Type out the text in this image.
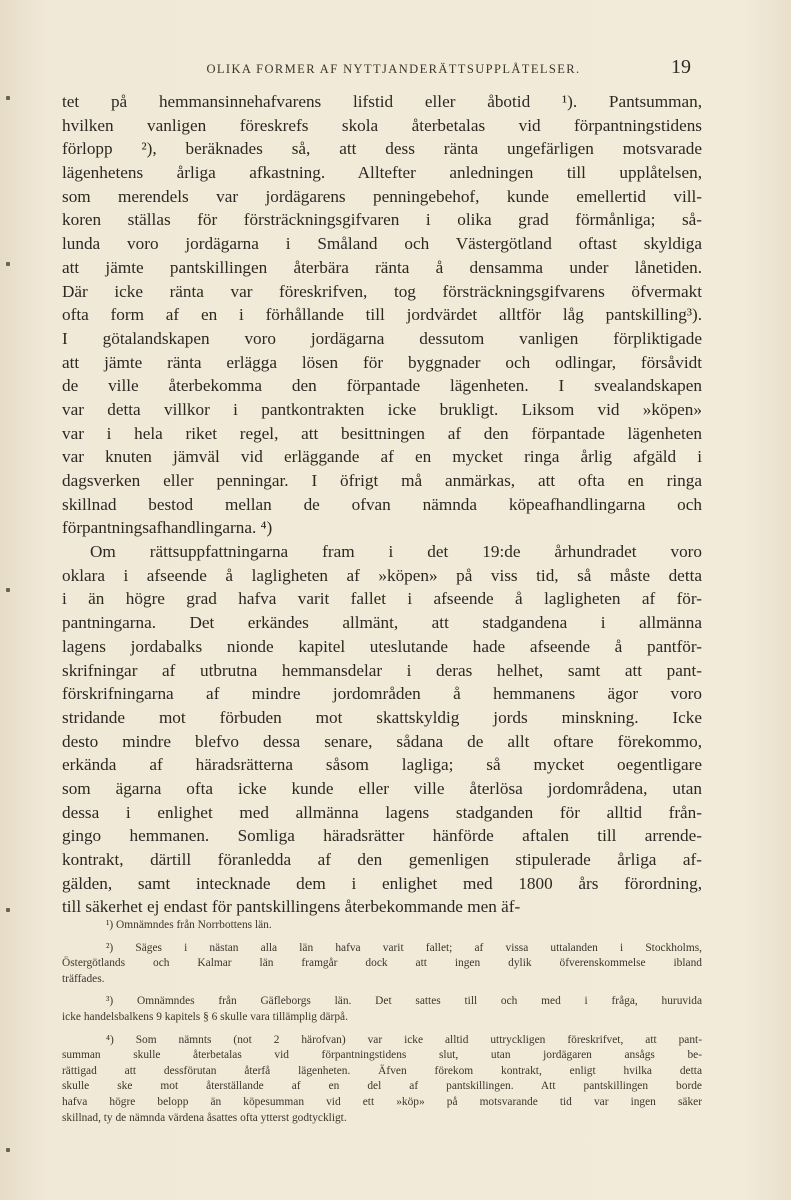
OLIKA FORMER AF NYTTJANDERÄTTSUPPLÅTELSER.	19
tet på hemmansinnehafvarens lifstid eller åbotid ¹). Pantsumman,
hvilken vanligen föreskrefs skola återbetalas vid förpantningstidens
förlopp ²), beräknades så, att dess ränta ungefärligen motsvarade
lägenhetens årliga afkastning. Alltefter anledningen till upplåtelsen,
som merendels var jordägarens penningebehof, kunde emellertid vill-
koren ställas för försträckningsgifvaren i olika grad förmånliga; så-
lunda voro jordägarna i Småland och Västergötland oftast skyldiga
att jämte pantskillingen återbära ränta å densamma under lånetiden.
Där icke ränta var föreskrifven, tog försträckningsgifvarens öfvermakt
ofta form af en i förhållande till jordvärdet alltför låg pantskilling³).
I götalandskapen voro jordägarna dessutom vanligen förpliktigade
att jämte ränta erlägga lösen för byggnader och odlingar, försåvidt
de ville återbekomma den förpantade lägenheten. I svealandskapen
var detta villkor i pantkontrakten icke brukligt. Liksom vid »köpen»
var i hela riket regel, att besittningen af den förpantade lägenheten
var knuten jämväl vid erläggande af en mycket ringa årlig afgäld i
dagsverken eller penningar. I öfrigt må anmärkas, att ofta en ringa
skillnad bestod mellan de ofvan nämnda köpeafhandlingarna och
förpantningsafhandlingarna. ⁴)
Om rättsuppfattningarna fram i det 19:de århundradet voro
oklara i afseende å lagligheten af »köpen» på viss tid, så måste detta
i än högre grad hafva varit fallet i afseende å lagligheten af för-
pantningarna. Det erkändes allmänt, att stadgandena i allmänna
lagens jordabalks nionde kapitel uteslutande hade afseende å pantför-
skrifningar af utbrutna hemmansdelar i deras helhet, samt att pant-
förskrifningarna af mindre jordområden å hemmanens ägor voro
stridande mot förbuden mot skattskyldig jords minskning. Icke
desto mindre blefvo dessa senare, sådana de allt oftare förekommo,
erkända af häradsrätterna såsom lagliga; så mycket oegentligare
som ägarna ofta icke kunde eller ville återlösa jordområdena, utan
dessa i enlighet med allmänna lagens stadganden för alltid från-
gingo hemmanen. Somliga häradsrätter hänförde aftalen till arrende-
kontrakt, därtill föranledda af den gemenligen stipulerade årliga af-
gälden, samt intecknade dem i enlighet med 1800 års förordning,
till säkerhet ej endast för pantskillingens återbekommande men äf-
¹) Omnämndes från Norrbottens län.
²) Säges i nästan alla län hafva varit fallet; af vissa uttalanden i Stockholms,
Östergötlands och Kalmar län framgår dock att ingen dylik öfverenskommelse ibland
träffades.
³) Omnämndes från Gäfleborgs län. Det sattes till och med i fråga, huruvida
icke handelsbalkens 9 kapitels § 6 skulle vara tillämplig därpå.
⁴) Som nämnts (not 2 härofvan) var icke alltid uttryckligen föreskrifvet, att pant-
summan skulle återbetalas vid förpantningstidens slut, utan jordägaren ansågs be-
rättigad att dessförutan återfå lägenheten. Äfven förekom kontrakt, enligt hvilka detta
skulle ske mot återställande af en del af pantskillingen. Att pantskillingen borde
hafva högre belopp än köpesumman vid ett »köp» på motsvarande tid var ingen säker
skillnad, ty de nämnda värdena åsattes ofta ytterst godtyckligt.
